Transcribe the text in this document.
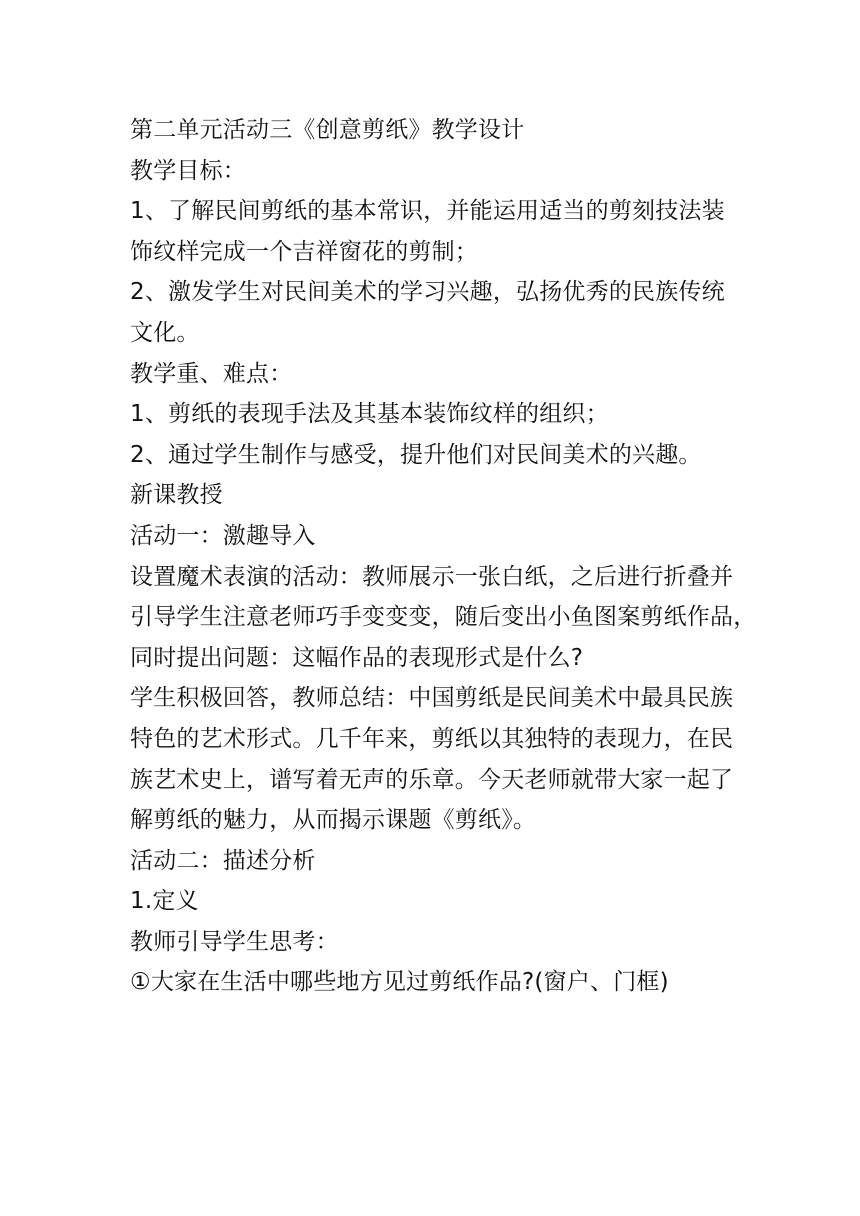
第二单元活动三《创意剪纸》教学设计
教学目标：
1、了解民间剪纸的基本常识，并能运用适当的剪刻技法装
饰纹样完成一个吉祥窗花的剪制；
2、激发学生对民间美术的学习兴趣，弘扬优秀的民族传统
文化。
教学重、难点：
1、剪纸的表现手法及其基本装饰纹样的组织；
2、通过学生制作与感受，提升他们对民间美术的兴趣。
新课教授
活动一：激趣导入
设置魔术表演的活动：教师展示一张白纸，之后进行折叠并
引导学生注意老师巧手变变变，随后变出小鱼图案剪纸作品，
同时提出问题：这幅作品的表现形式是什么?
学生积极回答，教师总结：中国剪纸是民间美术中最具民族
特色的艺术形式。几千年来，剪纸以其独特的表现力，在民
族艺术史上，谱写着无声的乐章。今天老师就带大家一起了
解剪纸的魅力，从而揭示课题《剪纸》。
活动二：描述分析
1.定义
教师引导学生思考：
①大家在生活中哪些地方见过剪纸作品?(窗户、门框)
